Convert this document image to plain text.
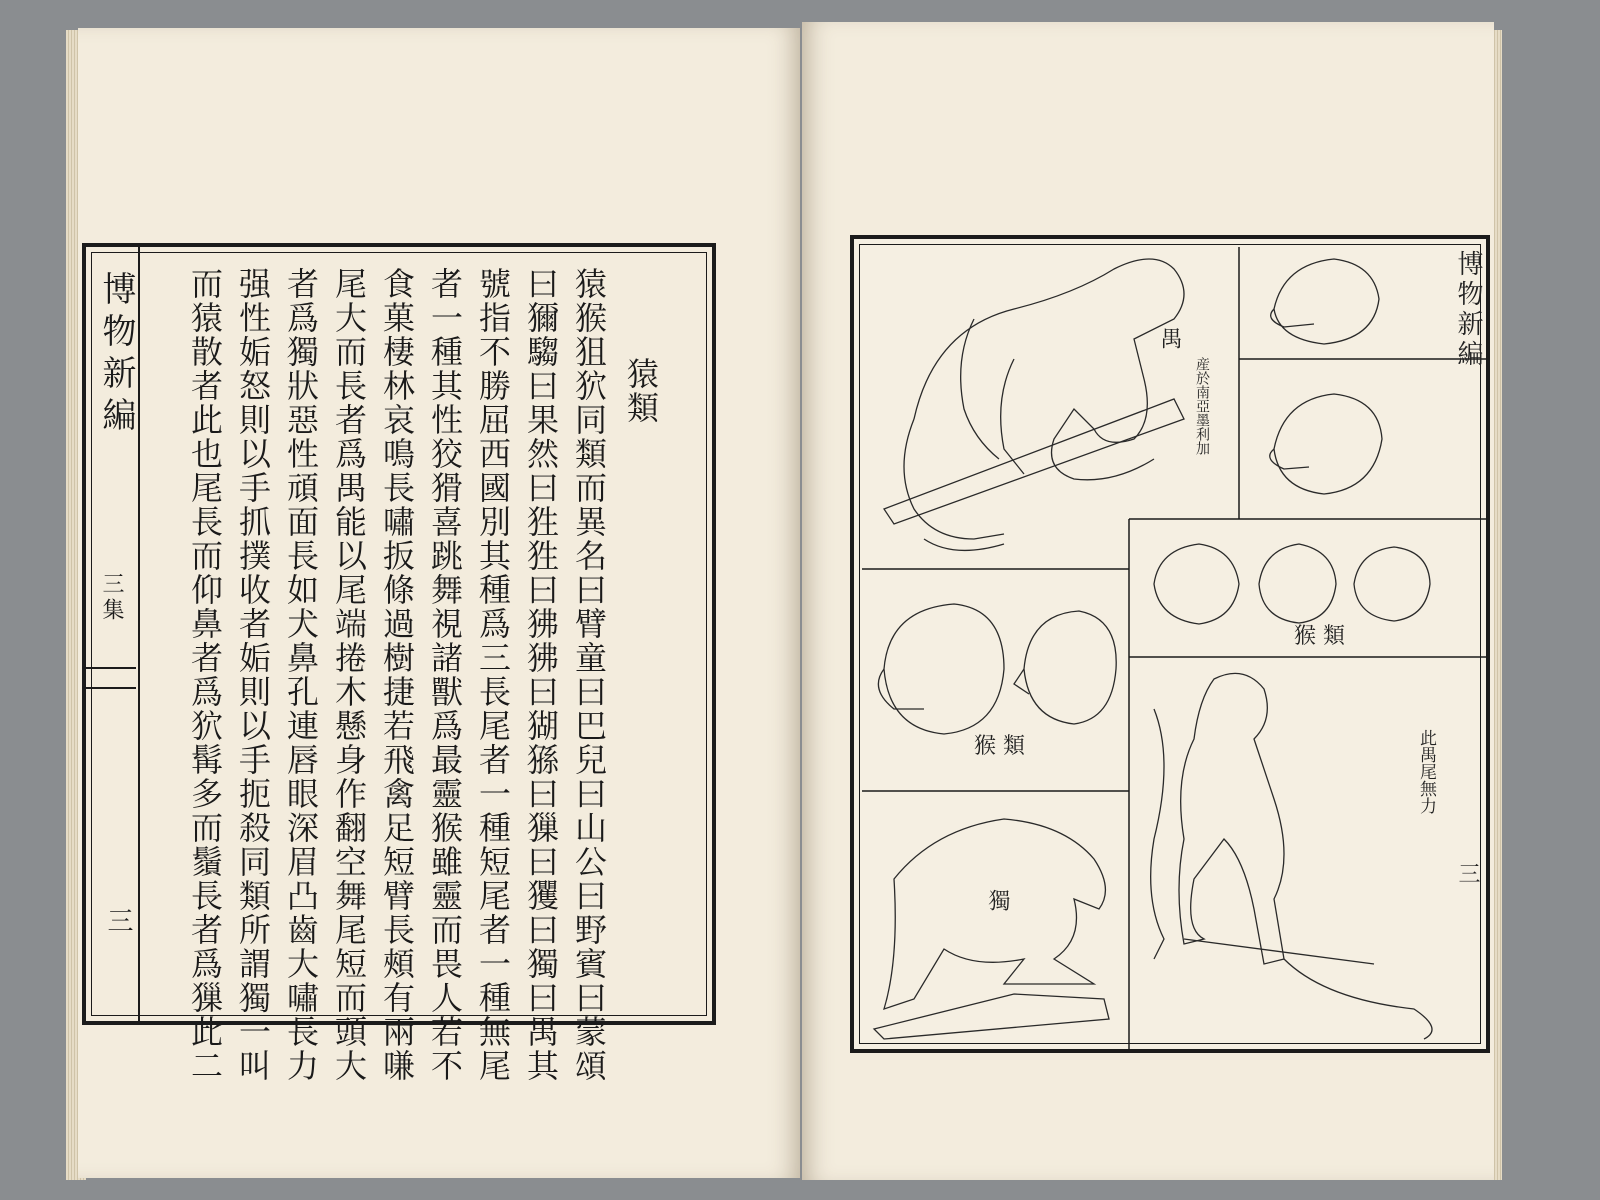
博物新編
三集
三
猿類
猿猴狙狖同類而異名曰臂童曰巴兒曰山公曰野賓曰蒙頌
曰獮騶曰果然曰狌狌曰狒狒曰猢猻曰㺐曰玃曰獨曰禺其
號指不勝屈西國別其種爲三長尾者一種短尾者一種無尾
者一種其性狡猾喜跳舞視諸獸爲最靈猴雖靈而畏人若不
食菓棲林哀鳴長嘯扳條過樹捷若飛禽足短臂長頰有兩嗛
尾大而長者爲禺能以尾端捲木懸身作翻空舞尾短而頭大
者爲獨狀惡性頑面長如犬鼻孔連唇眼深眉凸齒大嘯長力
强性姤怒則以手抓撲收者姤則以手扼殺同類所謂獨一叫
而猿散者此也尾長而仰鼻者爲狖髯多而鬚長者爲㺐此二	禺
産於南亞墨利加
猴 類
猴 類
獨
此禺尾無力
博物新編
三
